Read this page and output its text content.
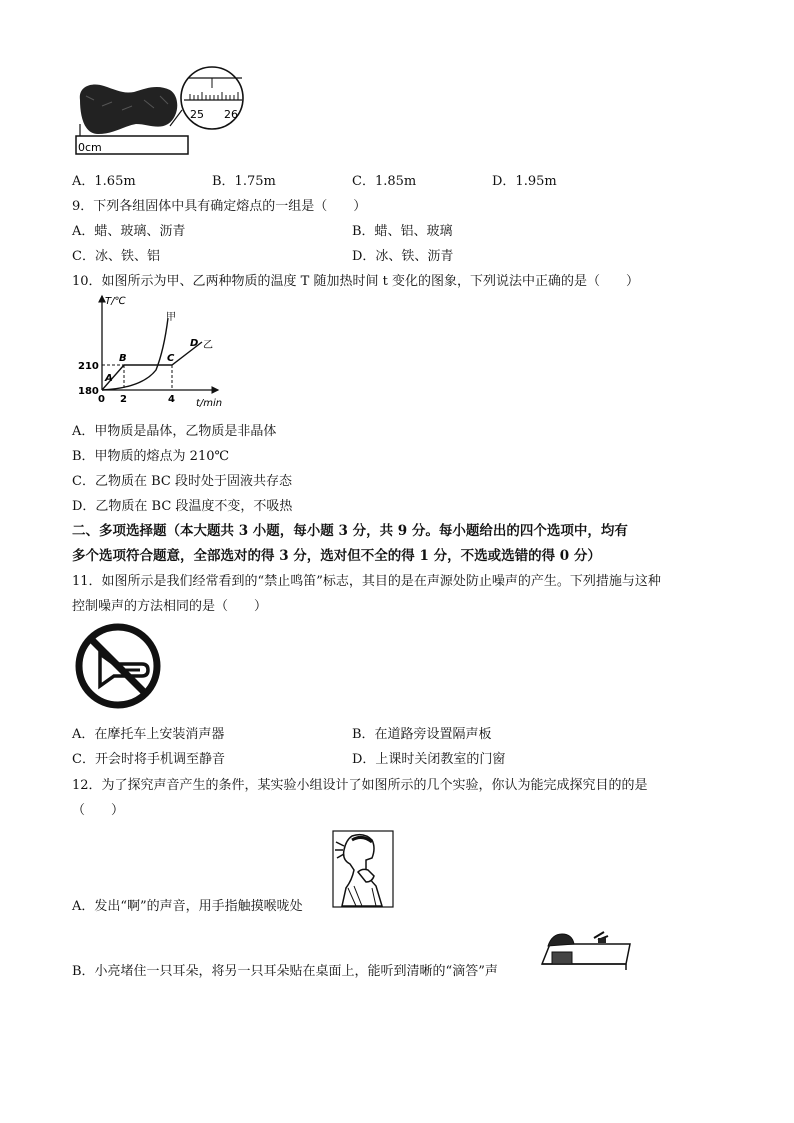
0cm
25 26
A．1.65m	B．1.75m	C．1.85m	D．1.95m
9．下列各组固体中具有确定熔点的一组是（　　）
A．蜡、玻璃、沥青	B．蜡、铝、玻璃
C．冰、铁、铝	D．冰、铁、沥青
10．如图所示为甲、乙两种物质的温度 T 随加热时间 t 变化的图象，下列说法中正确的是（　　）
T/℃
t/min
210
180
0 2	4
A
B	C
D
甲
乙
A．甲物质是晶体，乙物质是非晶体
B．甲物质的熔点为 210℃
C．乙物质在 BC 段时处于固液共存态
D．乙物质在 BC 段温度不变，不吸热
二、多项选择题（本大题共 3 小题，每小题 3 分，共 9 分。每小题给出的四个选项中，均有
多个选项符合题意，全部选对的得 3 分，选对但不全的得 1 分，不选或选错的得 0 分）
11．如图所示是我们经常看到的“禁止鸣笛”标志，其目的是在声源处防止噪声的产生。下列措施与这种
控制噪声的方法相同的是（　　）
A．在摩托车上安装消声器	B．在道路旁设置隔声板
C．开会时将手机调至静音	D．上课时关闭教室的门窗
12．为了探究声音产生的条件，某实验小组设计了如图所示的几个实验，你认为能完成探究目的的是
（　　）
A．发出“啊”的声音，用手指触摸喉咙处
B．小亮堵住一只耳朵，将另一只耳朵贴在桌面上，能听到清晰的“滴答”声
